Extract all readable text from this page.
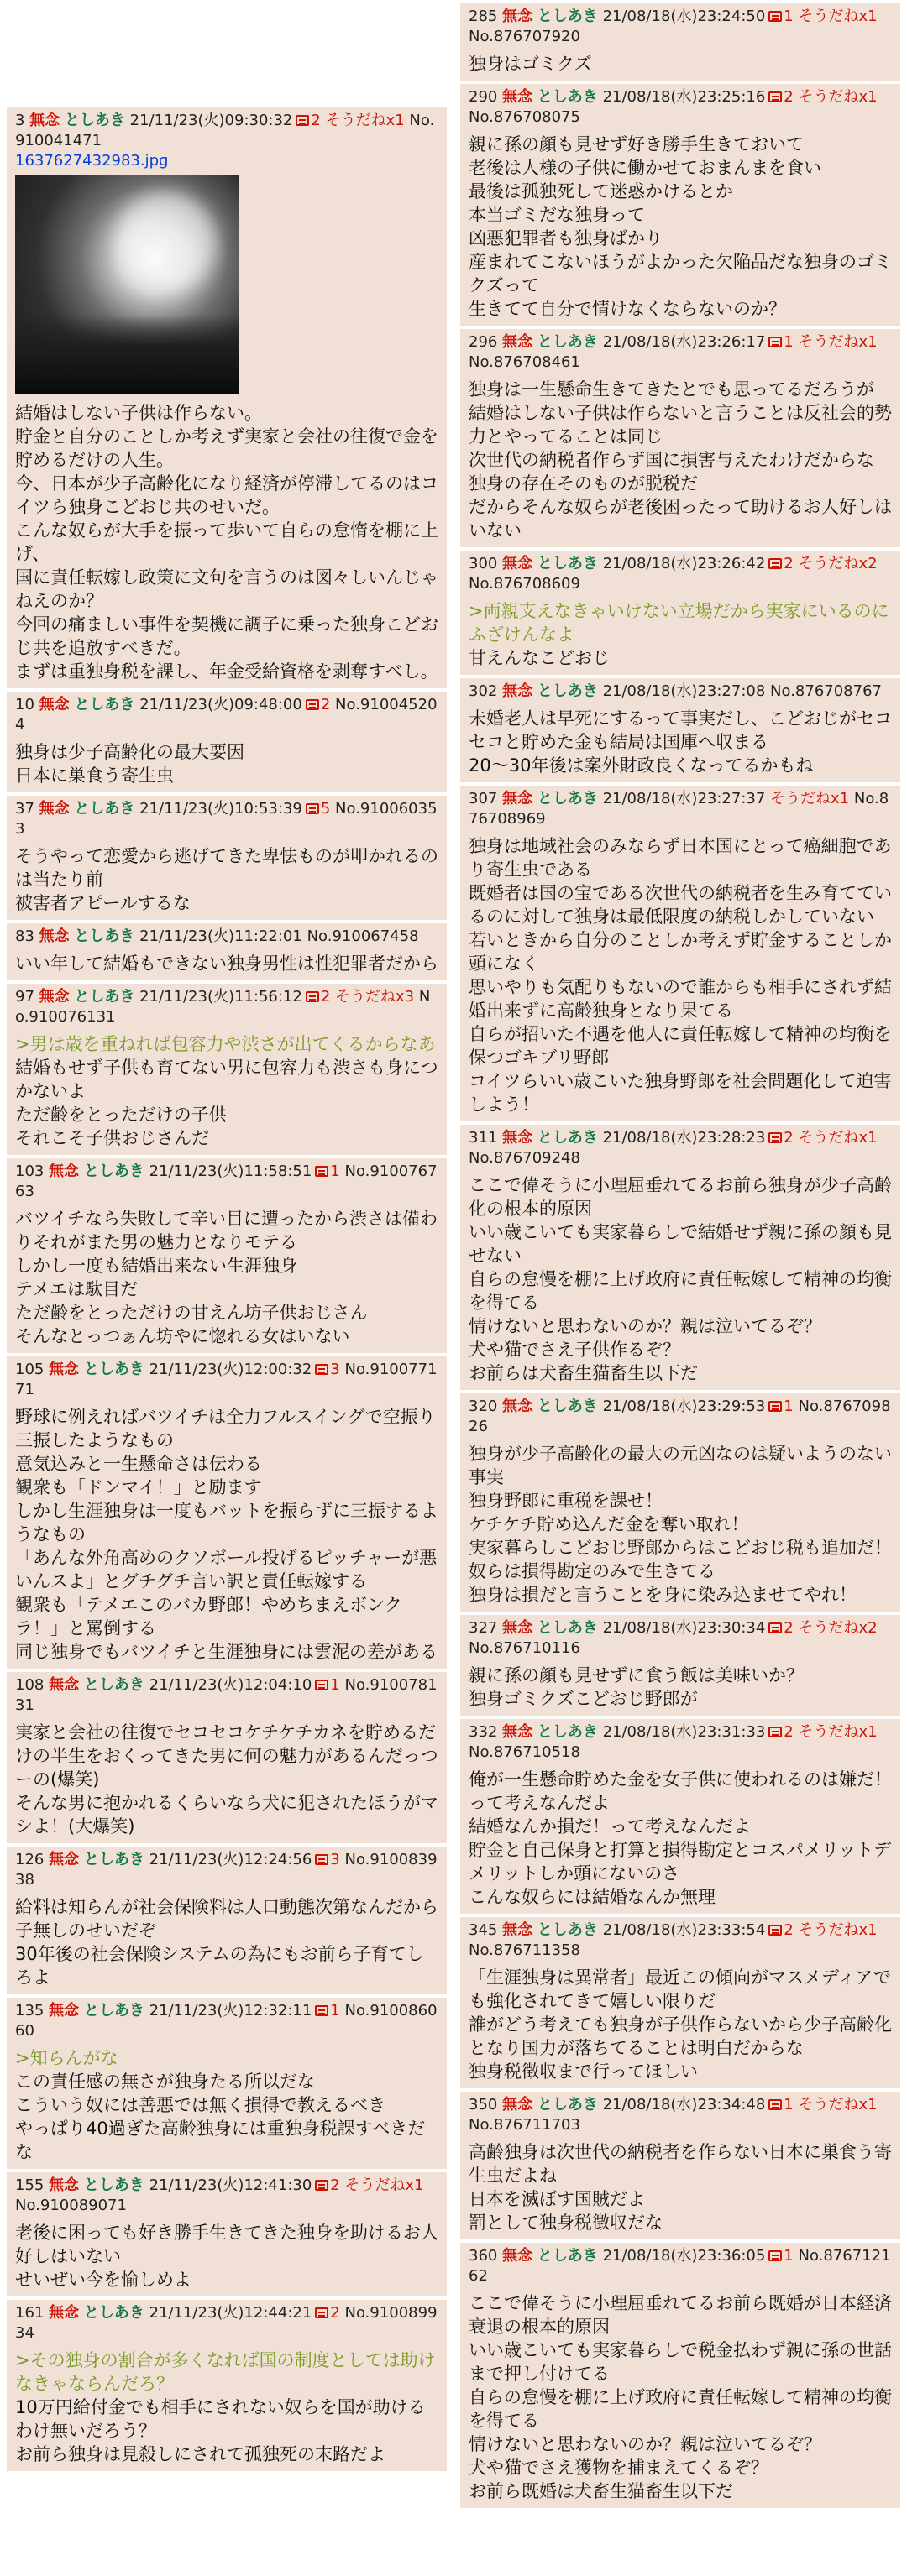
3 無念 としあき 21/11/23(火)09:30:32 2 そうだねx1 No.910041471
1637627432983.jpg

結婚はしない子供は作らない。

貯金と自分のことしか考えず実家と会社の往復で金を貯めるだけの人生。

今、日本が少子高齢化になり経済が停滞してるのはコイツら独身こどおじ共のせいだ。

こんな奴らが大手を振って歩いて自らの怠惰を棚に上げ、

国に責任転嫁し政策に文句を言うのは図々しいんじゃねえのか？

今回の痛ましい事件を契機に調子に乗った独身こどおじ共を追放すべきだ。

まずは重独身税を課し、年金受給資格を剥奪すべし。

10 無念 としあき 21/11/23(火)09:48:00 2 No.910045204

独身は少子高齢化の最大要因

日本に巣食う寄生虫

37 無念 としあき 21/11/23(火)10:53:39 5 No.910060353

そうやって恋愛から逃げてきた卑怯ものが叩かれるのは当たり前

被害者アピールするな

83 無念 としあき 21/11/23(火)11:22:01 No.910067458

いい年して結婚もできない独身男性は性犯罪者だから

97 無念 としあき 21/11/23(火)11:56:12 2 そうだねx3 No.910076131

>男は歳を重ねれば包容力や渋さが出てくるからなあ

結婚もせず子供も育てない男に包容力も渋さも身につかないよ

ただ齢をとっただけの子供

それこそ子供おじさんだ

103 無念 としあき 21/11/23(火)11:58:51 1 No.910076763

バツイチなら失敗して辛い目に遭ったから渋さは備わりそれがまた男の魅力となりモテる

しかし一度も結婚出来ない生涯独身

テメエは駄目だ

ただ齢をとっただけの甘えん坊子供おじさん

そんなとっつぁん坊やに惚れる女はいない

105 無念 としあき 21/11/23(火)12:00:32 3 No.910077171

野球に例えればバツイチは全力フルスイングで空振り三振したようなもの

意気込みと一生懸命さは伝わる

観衆も「ドンマイ！」と励ます

しかし生涯独身は一度もバットを振らずに三振するようなもの

「あんな外角高めのクソボール投げるピッチャーが悪いんスよ」とグチグチ言い訳と責任転嫁する

観衆も「テメエこのバカ野郎！やめちまえボンクラ！」と罵倒する

同じ独身でもバツイチと生涯独身には雲泥の差がある

108 無念 としあき 21/11/23(火)12:04:10 1 No.910078131

実家と会社の往復でセコセコケチケチカネを貯めるだけの半生をおくってきた男に何の魅力があるんだっつーの(爆笑)

そんな男に抱かれるくらいなら犬に犯されたほうがマシよ！(大爆笑)

126 無念 としあき 21/11/23(火)12:24:56 3 No.910083938

給料は知らんが社会保険料は人口動態次第なんだから子無しのせいだぞ

30年後の社会保険システムの為にもお前ら子育てしろよ

135 無念 としあき 21/11/23(火)12:32:11 1 No.910086060

>知らんがな

この責任感の無さが独身たる所以だな

こういう奴には善悪では無く損得で教えるべき

やっぱり40過ぎた高齢独身には重独身税課すべきだな

155 無念 としあき 21/11/23(火)12:41:30 2 そうだねx1 No.910089071

老後に困っても好き勝手生きてきた独身を助けるお人好しはいない

せいぜい今を愉しめよ

161 無念 としあき 21/11/23(火)12:44:21 2 No.910089934

>その独身の割合が多くなれば国の制度としては助けなきゃならんだろ？

10万円給付金でも相手にされない奴らを国が助けるわけ無いだろう？

お前ら独身は見殺しにされて孤独死の末路だよ

285 無念 としあき 21/08/18(水)23:24:50 1 そうだねx1 No.876707920

独身はゴミクズ

290 無念 としあき 21/08/18(水)23:25:16 2 そうだねx1 No.876708075

親に孫の顔も見せず好き勝手生きておいて

老後は人様の子供に働かせておまんまを食い

最後は孤独死して迷惑かけるとか

本当ゴミだな独身って

凶悪犯罪者も独身ばかり

産まれてこないほうがよかった欠陥品だな独身のゴミクズって

生きてて自分で情けなくならないのか？

296 無念 としあき 21/08/18(水)23:26:17 1 そうだねx1 No.876708461

独身は一生懸命生きてきたとでも思ってるだろうが

結婚はしない子供は作らないと言うことは反社会的勢力とやってることは同じ

次世代の納税者作らず国に損害与えたわけだからな

独身の存在そのものが脱税だ

だからそんな奴らが老後困ったって助けるお人好しはいない

300 無念 としあき 21/08/18(水)23:26:42 2 そうだねx2 No.876708609

>両親支えなきゃいけない立場だから実家にいるのにふざけんなよ

甘えんなこどおじ

302 無念 としあき 21/08/18(水)23:27:08 No.876708767

未婚老人は早死にするって事実だし、こどおじがセコセコと貯めた金も結局は国庫へ収まる

20～30年後は案外財政良くなってるかもね

307 無念 としあき 21/08/18(水)23:27:37 そうだねx1 No.876708969

独身は地域社会のみならず日本国にとって癌細胞であり寄生虫である

既婚者は国の宝である次世代の納税者を生み育てているのに対して独身は最低限度の納税しかしていない

若いときから自分のことしか考えず貯金することしか頭になく

思いやりも気配りもないので誰からも相手にされず結婚出来ずに高齢独身となり果てる

自らが招いた不遇を他人に責任転嫁して精神の均衡を保つゴキブリ野郎

コイツらいい歳こいた独身野郎を社会問題化して迫害しよう！

311 無念 としあき 21/08/18(水)23:28:23 2 そうだねx1 No.876709248

ここで偉そうに小理屈垂れてるお前ら独身が少子高齢化の根本的原因

いい歳こいても実家暮らしで結婚せず親に孫の顔も見せない

自らの怠慢を棚に上げ政府に責任転嫁して精神の均衡を得てる

情けないと思わないのか？親は泣いてるぞ？

犬や猫でさえ子供作るぞ？

お前らは犬畜生猫畜生以下だ

320 無念 としあき 21/08/18(水)23:29:53 1 No.876709826

独身が少子高齢化の最大の元凶なのは疑いようのない事実

独身野郎に重税を課せ！

ケチケチ貯め込んだ金を奪い取れ！

実家暮らしこどおじ野郎からはこどおじ税も追加だ！

奴らは損得勘定のみで生きてる

独身は損だと言うことを身に染み込ませてやれ！

327 無念 としあき 21/08/18(水)23:30:34 2 そうだねx2 No.876710116

親に孫の顔も見せずに食う飯は美味いか？

独身ゴミクズこどおじ野郎が

332 無念 としあき 21/08/18(水)23:31:33 2 そうだねx1 No.876710518

俺が一生懸命貯めた金を女子供に使われるのは嫌だ！って考えなんだよ

結婚なんか損だ！って考えなんだよ

貯金と自己保身と打算と損得勘定とコスパメリットデメリットしか頭にないのさ

こんな奴らには結婚なんか無理

345 無念 としあき 21/08/18(水)23:33:54 2 そうだねx1 No.876711358

「生涯独身は異常者」最近この傾向がマスメディアでも強化されてきて嬉しい限りだ

誰がどう考えても独身が子供作らないから少子高齢化となり国力が落ちてることは明白だからな

独身税徴収まで行ってほしい

350 無念 としあき 21/08/18(水)23:34:48 1 そうだねx1 No.876711703

高齢独身は次世代の納税者を作らない日本に巣食う寄生虫だよね

日本を滅ぼす国賊だよ

罰として独身税徴収だな

360 無念 としあき 21/08/18(水)23:36:05 1 No.876712162

ここで偉そうに小理屈垂れてるお前ら既婚が日本経済衰退の根本的原因

いい歳こいても実家暮らしで税金払わず親に孫の世話まで押し付けてる

自らの怠慢を棚に上げ政府に責任転嫁して精神の均衡を得てる

情けないと思わないのか？親は泣いてるぞ？

犬や猫でさえ獲物を捕まえてくるぞ？

お前ら既婚は犬畜生猫畜生以下だ
